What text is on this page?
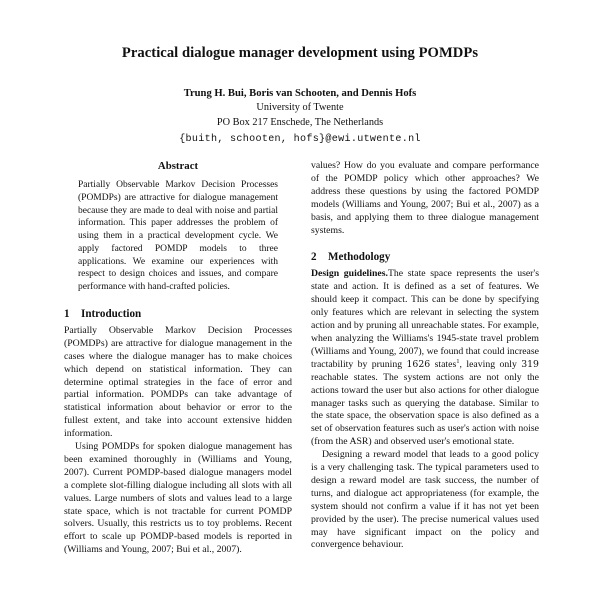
Practical dialogue manager development using POMDPs
Trung H. Bui, Boris van Schooten, and Dennis Hofs
University of Twente
PO Box 217 Enschede, The Netherlands
{buith, schooten, hofs}@ewi.utwente.nl
Abstract

Partially Observable Markov Decision Processes (POMDPs) are attractive for dialogue management because they are made to deal with noise and partial information. This paper addresses the problem of using them in a practical development cycle. We apply factored POMDP models to three applications. We examine our experiences with respect to design choices and issues, and compare performance with hand-crafted policies.

1	Introduction

Partially Observable Markov Decision Processes (POMDPs) are attractive for dialogue management in the cases where the dialogue manager has to make choices which depend on statistical information. They can determine optimal strategies in the face of error and partial information. POMDPs can take advantage of statistical information about behavior or error to the fullest extent, and take into account extensive hidden information.

Using POMDPs for spoken dialogue management has been examined thoroughly in (Williams and Young, 2007). Current POMDP-based dialogue managers model a complete slot-filling dialogue including all slots with all values. Large numbers of slots and values lead to a large state space, which is not tractable for current POMDP solvers. Usually, this restricts us to toy problems. Recent effort to scale up POMDP-based models is reported in (Williams and Young, 2007; Bui et al., 2007).

values? How do you evaluate and compare performance of the POMDP policy which other approaches? We address these questions by using the factored POMDP models (Williams and Young, 2007; Bui et al., 2007) as a basis, and applying them to three dialogue management systems.

2	Methodology

Design guidelines.The state space represents the user's state and action. It is defined as a set of features. We should keep it compact. This can be done by specifying only features which are relevant in selecting the system action and by pruning all unreachable states. For example, when analyzing the Williams's 1945-state travel problem (Williams and Young, 2007), we found that could increase tractability by pruning 1626 states$^1$, leaving only 319 reachable states. The system actions are not only the actions toward the user but also actions for other dialogue manager tasks such as querying the database. Similar to the state space, the observation space is also defined as a set of observation features such as user's action with noise (from the ASR) and observed user's emotional state.

Designing a reward model that leads to a good policy is a very challenging task. The typical parameters used to design a reward model are task success, the number of turns, and dialogue act appropriateness (for example, the system should not confirm a value if it has not yet been provided by the user). The precise numerical values used may have significant impact on the policy and convergence behaviour.
